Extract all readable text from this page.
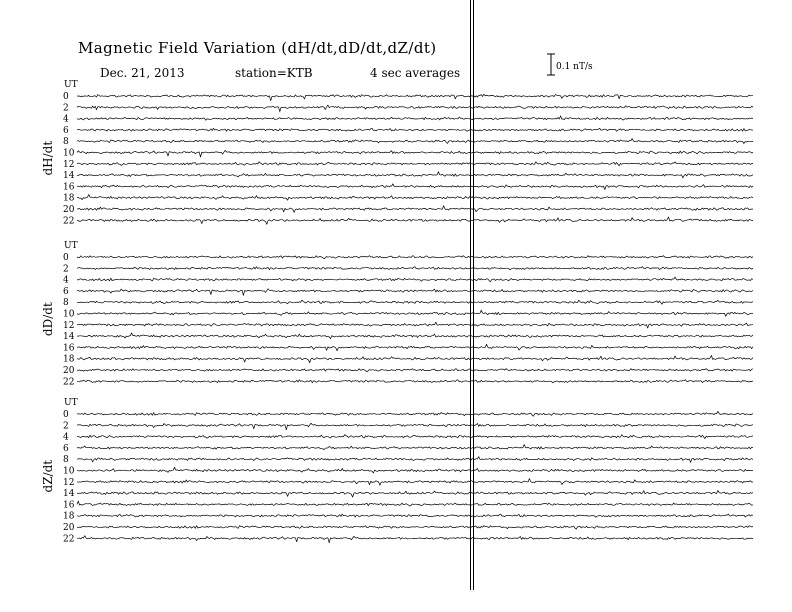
Magnetic Field Variation (dH/dt,dD/dt,dZ/dt)
Dec. 21, 2013	station=KTB	4 sec averages	0.1 nT/s
UT
dH/dt
0
2
4
6
8
10
12
14
16
18
20
22
UT
dD/dt
0
2
4
6
8
10
12
14
16
18
20
22
UT
dZ/dt
0
2
4
6
8
10
12
14
16
18
20
22
